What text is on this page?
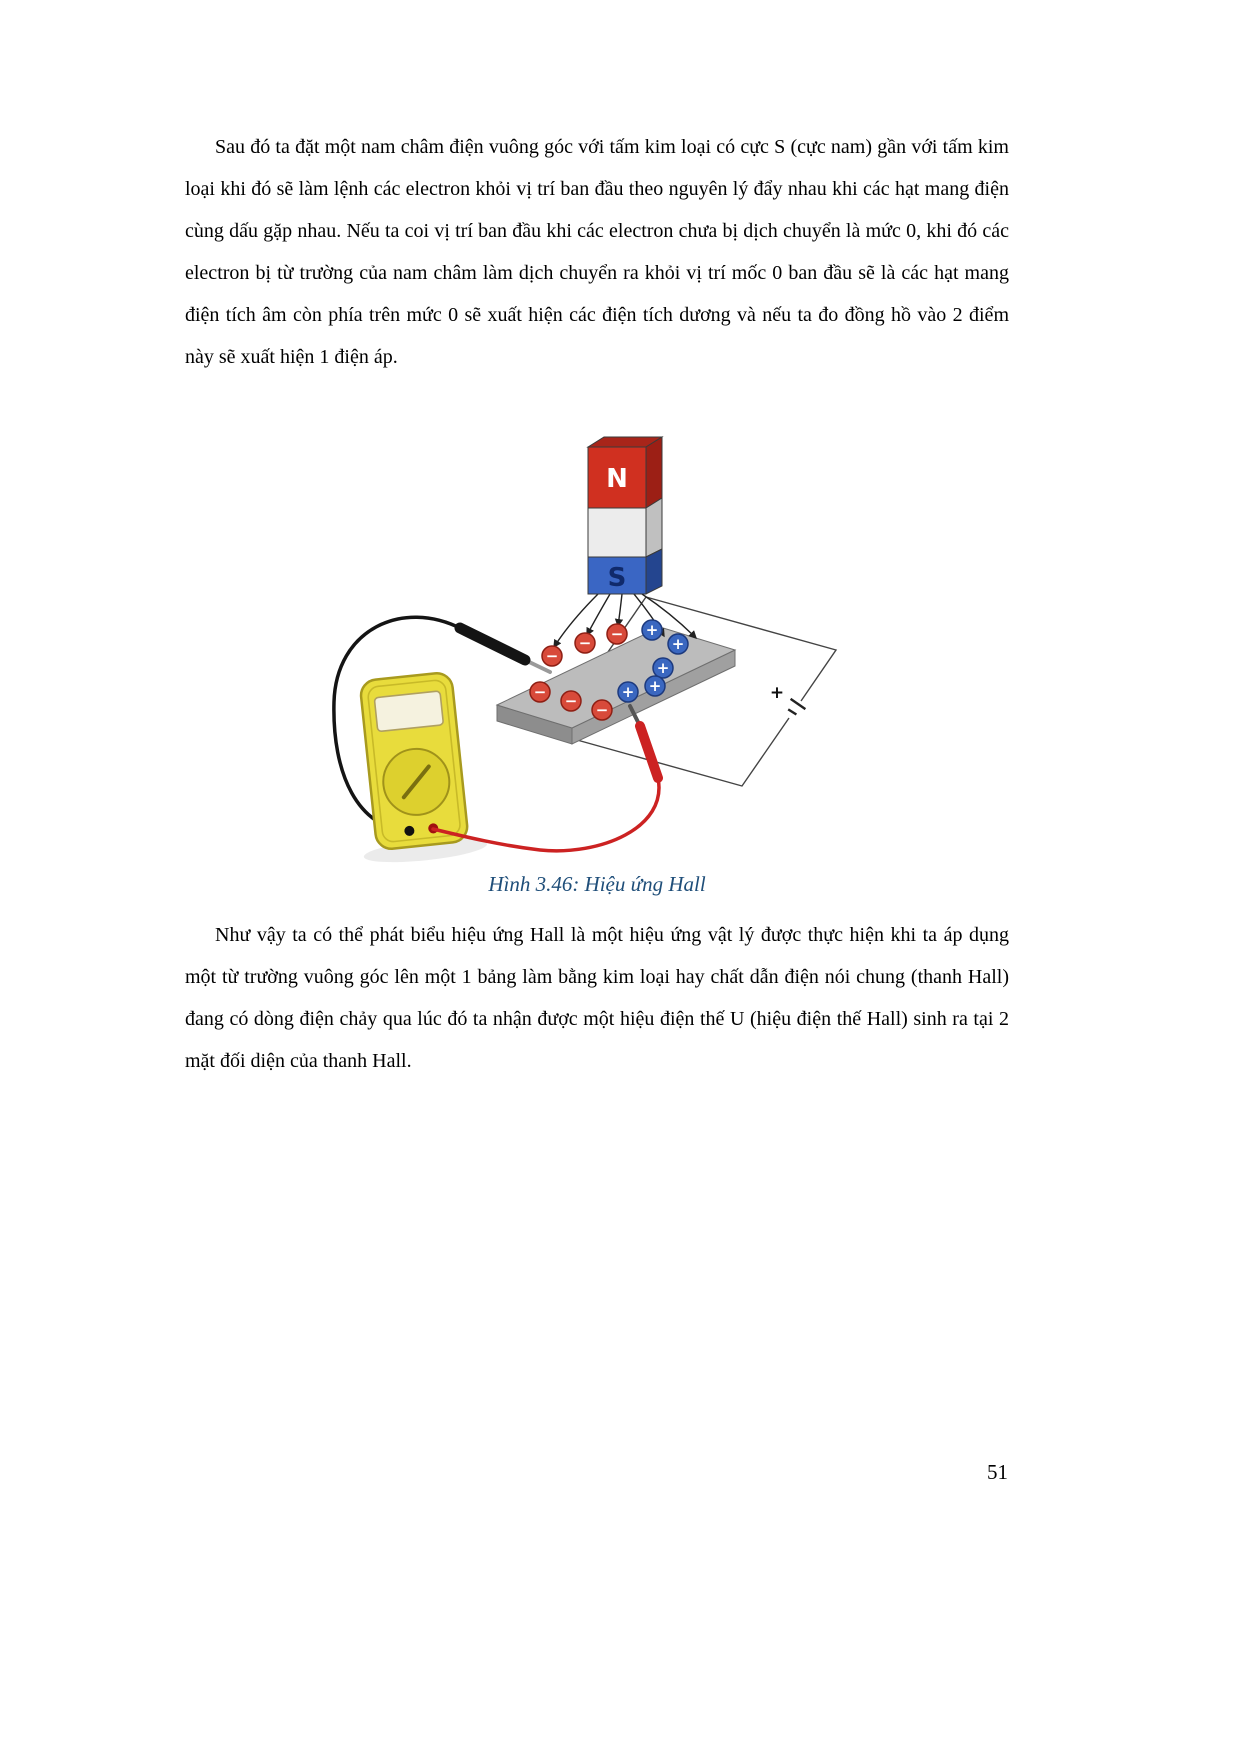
Sau đó ta đặt một nam châm điện vuông góc với tấm kim loại có cực S (cực nam) gần với tấm kim loại khi đó sẽ làm lệnh các electron khỏi vị trí ban đầu theo nguyên lý đẩy nhau khi các hạt mang điện cùng dấu gặp nhau. Nếu ta coi vị trí ban đầu khi các electron chưa bị dịch chuyển là mức 0, khi đó các electron bị từ trường của nam châm làm dịch chuyển ra khỏi vị trí mốc 0 ban đầu sẽ là các hạt mang điện tích âm còn phía trên mức 0 sẽ xuất hiện các điện tích dương và nếu ta đo đồng hồ vào 2 điểm này sẽ xuất hiện 1 điện áp.

+
−
− −
− − −
+
+
+
+ +
N
S
Hình 3.46: Hiệu ứng Hall

Như vậy ta có thể phát biểu hiệu ứng Hall là một hiệu ứng vật lý được thực hiện khi ta áp dụng một từ trường vuông góc lên một 1 bảng làm bằng kim loại hay chất dẫn điện nói chung (thanh Hall) đang có dòng điện chảy qua lúc đó ta nhận được một hiệu điện thế U (hiệu điện thế Hall) sinh ra tại 2 mặt đối diện của thanh Hall.

51
